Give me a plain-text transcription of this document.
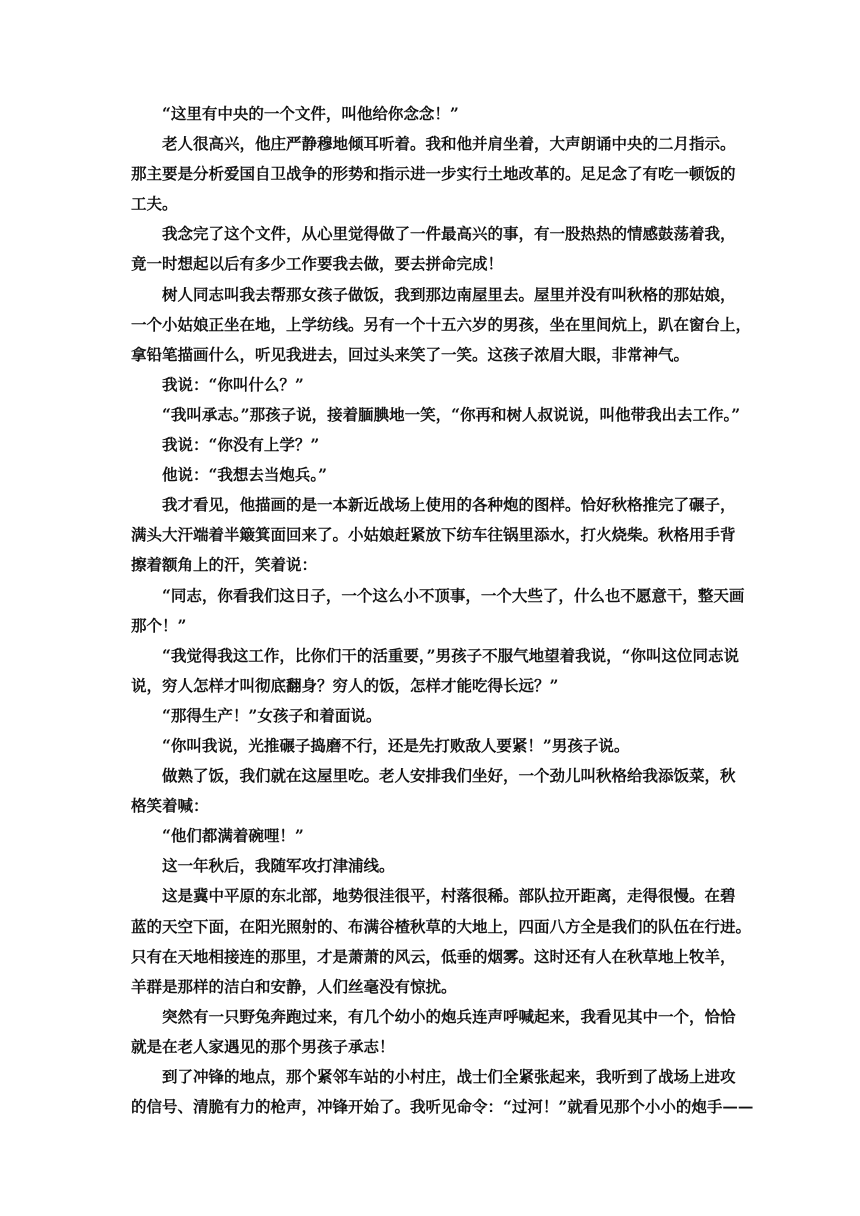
“这里有中央的一个文件，叫他给你念念！”
老人很高兴，他庄严静穆地倾耳听着。我和他并肩坐着，大声朗诵中央的二月指示。
那主要是分析爱国自卫战争的形势和指示进一步实行土地改革的。足足念了有吃一顿饭的
工夫。
我念完了这个文件，从心里觉得做了一件最高兴的事，有一股热热的情感鼓荡着我，
竟一时想起以后有多少工作要我去做，要去拼命完成！
树人同志叫我去帮那女孩子做饭，我到那边南屋里去。屋里并没有叫秋格的那姑娘，
一个小姑娘正坐在地，上学纺线。另有一个十五六岁的男孩，坐在里间炕上，趴在窗台上，
拿铅笔描画什么，听见我进去，回过头来笑了一笑。这孩子浓眉大眼，非常神气。
我说：“你叫什么？”
“我叫承志。”那孩子说，接着腼腆地一笑，“你再和树人叔说说，叫他带我出去工作。”
我说：“你没有上学？”
他说：“我想去当炮兵。”
我才看见，他描画的是一本新近战场上使用的各种炮的图样。恰好秋格推完了碾子，
满头大汗端着半簸箕面回来了。小姑娘赶紧放下纺车往锅里添水，打火烧柴。秋格用手背
擦着额角上的汗，笑着说：
“同志，你看我们这日子，一个这么小不顶事，一个大些了，什么也不愿意干，整天画
那个！”
“我觉得我这工作，比你们干的活重要，”男孩子不服气地望着我说，“你叫这位同志说
说，穷人怎样才叫彻底翻身？穷人的饭，怎样才能吃得长远？”
“那得生产！”女孩子和着面说。
“你叫我说，光推碾子捣磨不行，还是先打败敌人要紧！”男孩子说。
做熟了饭，我们就在这屋里吃。老人安排我们坐好，一个劲儿叫秋格给我添饭菜，秋
格笑着喊：
“他们都满着碗哩！”
这一年秋后，我随军攻打津浦线。
这是冀中平原的东北部，地势很洼很平，村落很稀。部队拉开距离，走得很慢。在碧
蓝的天空下面，在阳光照射的、布满谷楂秋草的大地上，四面八方全是我们的队伍在行进。
只有在天地相接连的那里，才是萧萧的风云，低垂的烟雾。这时还有人在秋草地上牧羊，
羊群是那样的洁白和安静，人们丝毫没有惊扰。
突然有一只野兔奔跑过来，有几个幼小的炮兵连声呼喊起来，我看见其中一个，恰恰
就是在老人家遇见的那个男孩子承志！
到了冲锋的地点，那个紧邻车站的小村庄，战士们全紧张起来，我听到了战场上进攻
的信号、清脆有力的枪声，冲锋开始了。我听见命令：“过河！”就看见那个小小的炮手——
